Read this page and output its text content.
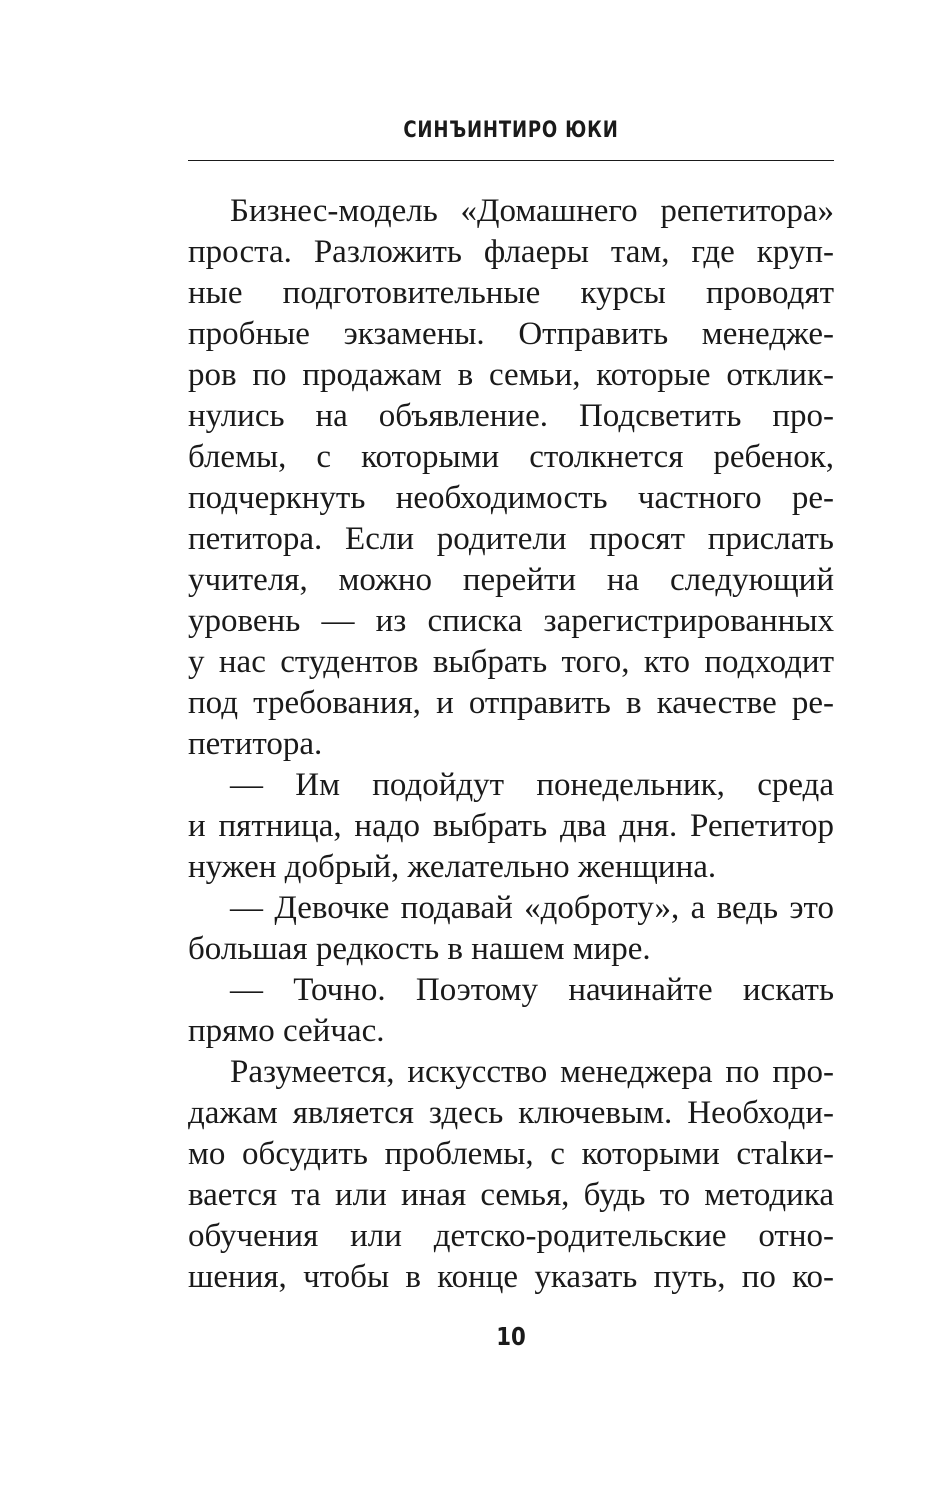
СИНЪИНТИРО ЮКИ
Бизнес-модель «Домашнего репетитора»
проста. Разложить флаеры там, где круп-
ные подготовительные курсы проводят
пробные экзамены. Отправить менедже-
ров по продажам в семьи, которые отклик-
нулись на объявление. Подсветить про-
блемы, с которыми столкнется ребенок,
подчеркнуть необходимость частного ре-
петитора. Если родители просят прислать
учителя, можно перейти на следующий
уровень — из списка зарегистрированных
у нас студентов выбрать того, кто подходит
под требования, и отправить в качестве ре-
петитора.
— Им подойдут понедельник, среда
и пятница, надо выбрать два дня. Репетитор
нужен добрый, желательно женщина.
— Девочке подавай «доброту», а ведь это
большая редкость в нашем мире.
— Точно. Поэтому начинайте искать
прямо сейчас.
Разумеется, искусство менеджера по про-
дажам является здесь ключевым. Необходи-
мо обсудить проблемы, с которыми стalки-
вается та или иная семья, будь то методика
обучения или детско-родительские отно-
шения, чтобы в конце указать путь, по ко-
10
